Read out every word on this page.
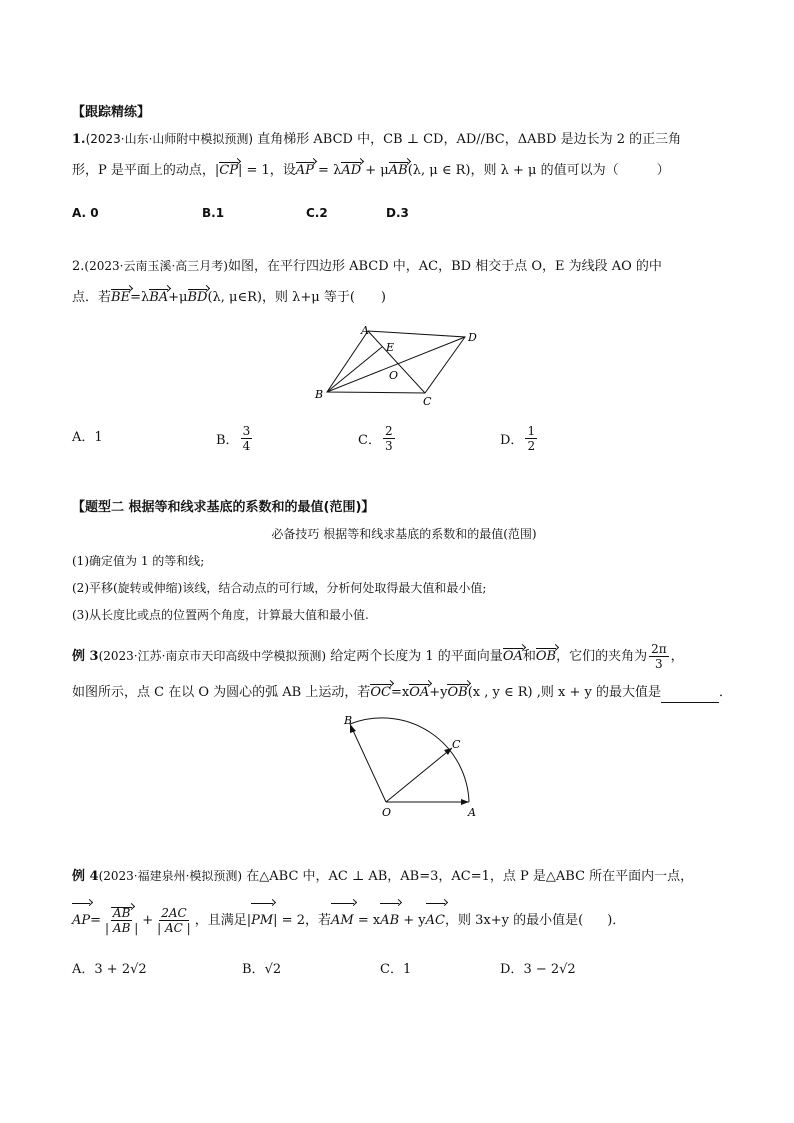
【跟踪精练】
1.(2023·山东·山师附中模拟预测) 直角梯形 ABCD 中，CB ⊥ CD，AD//BC，ΔABD 是边长为 2 的正三角
形，P 是平面上的动点，|CP| = 1，设AP = λAD + μAB(λ, μ ∈ R)，则 λ + μ 的值可以为（	）
A. 0	B.1	C.2	D.3
2.(2023·云南玉溪·高三月考)如图，在平行四边形 ABCD 中，AC，BD 相交于点 O，E 为线段 AO 的中
点．若BE=λBA+μBD(λ, μ∈R)，则 λ+μ 等于( )
A
B
C
D
E
O
A．1	B． $\frac{3}{4}$	C． $\frac{2}{3}$	D． $\frac{1}{2}$
【题型二 根据等和线求基底的系数和的最值(范围)】
必备技巧 根据等和线求基底的系数和的最值(范围)
(1)确定值为 1 的等和线;
(2)平移(旋转或伸缩)该线，结合动点的可行域，分析何处取得最大值和最小值;
(3)从长度比或点的位置两个角度，计算最大值和最小值.
例 3(2023·江苏·南京市天印高级中学模拟预测) 给定两个长度为 1 的平面向量OA和OB，它们的夹角为 $\frac{2\pi}{3}$ ，
如图所示，点 C 在以 O 为圆心的弧 AB 上运动，若OC=xOA+yOB(x , y ∈ R) ,则 x + y 的最大值是	．
B
C
O	A
例 4(2023·福建泉州·模拟预测) 在△ABC 中，AC ⊥ AB，AB=3，AC=1，点 P 是△ABC 所在平面内一点，
$AP= \frac{AB}{| AB |} + \frac{2AC}{| AC |}$ ，且满足|PM| = 2，若AM = xAB + yAC，则 3x+y 的最小值是( )．
A．3 + 2√2	B．√2	C．1	D．3 − 2√2
